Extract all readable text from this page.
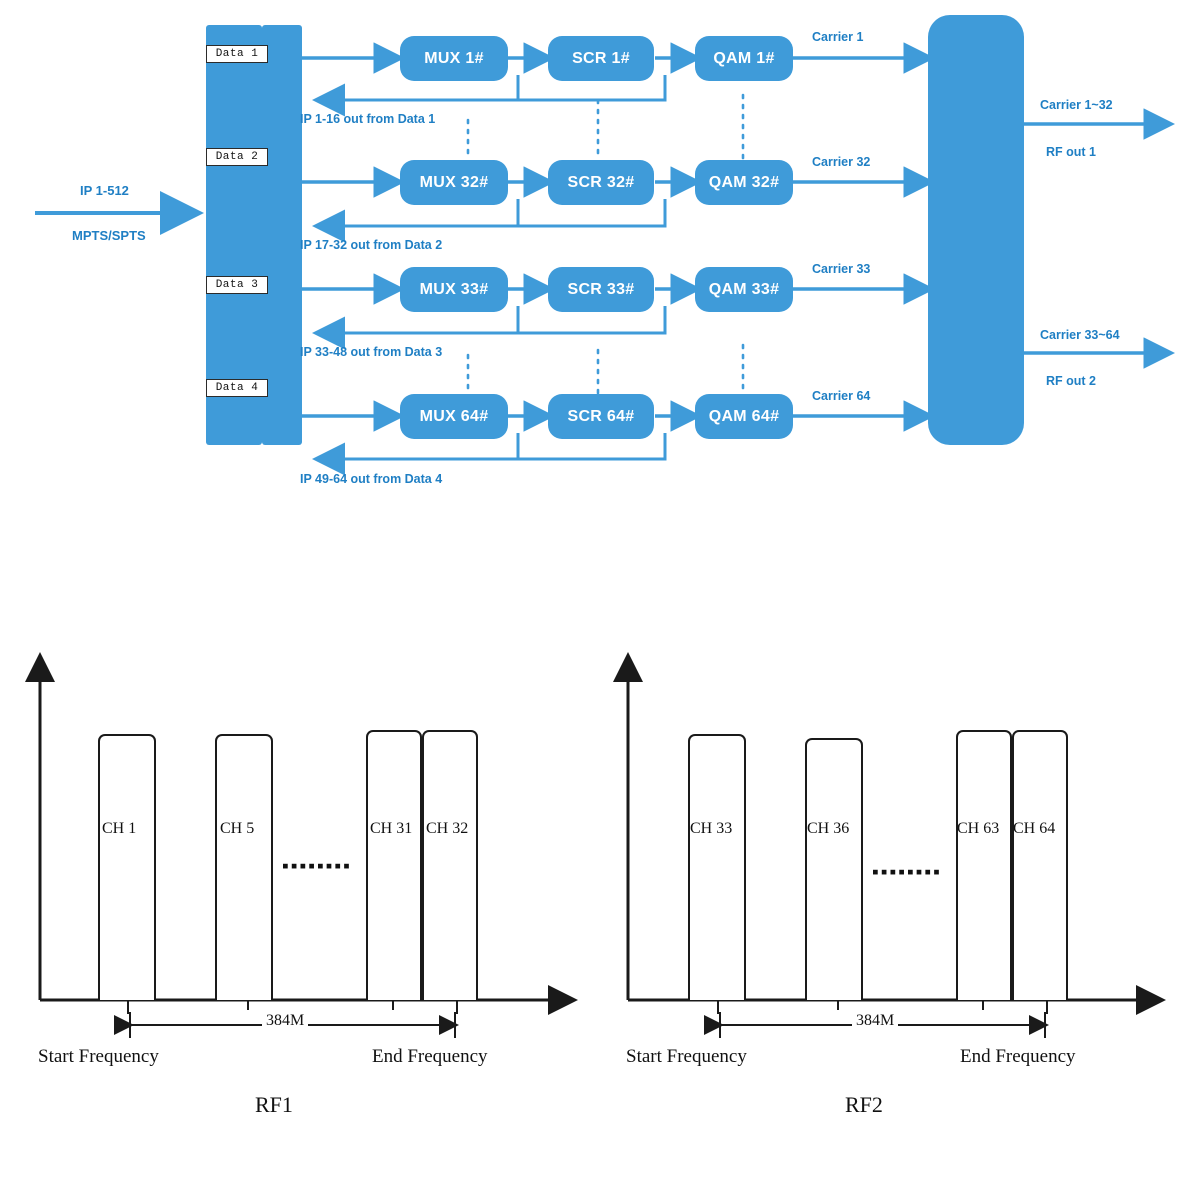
IP 1-512
MPTS/SPTS
Data 1
Data 2
Data 3
Data 4
MUX 1#	SCR 1#	QAM 1#
Carrier 1
IP 1-16 out from Data 1
MUX 32#	SCR 32#	QAM 32#
Carrier 32
IP 17-32 out from Data 2
MUX 33#	SCR 33#	QAM 33#
Carrier 33
IP 33-48 out from Data 3
MUX 64#	SCR 64#	QAM 64#
Carrier 64
IP 49-64 out from Data 4
Carrier 1~32
RF out 1
Carrier 33~64
RF out 2
CH 1	CH 5	CH 31 CH 32
▪▪▪▪▪▪▪▪
384M
Start Frequency	End Frequency
RF1
CH 33	CH 36	CH 63 CH 64
▪▪▪▪▪▪▪▪
384M
Start Frequency	End Frequency
RF2
